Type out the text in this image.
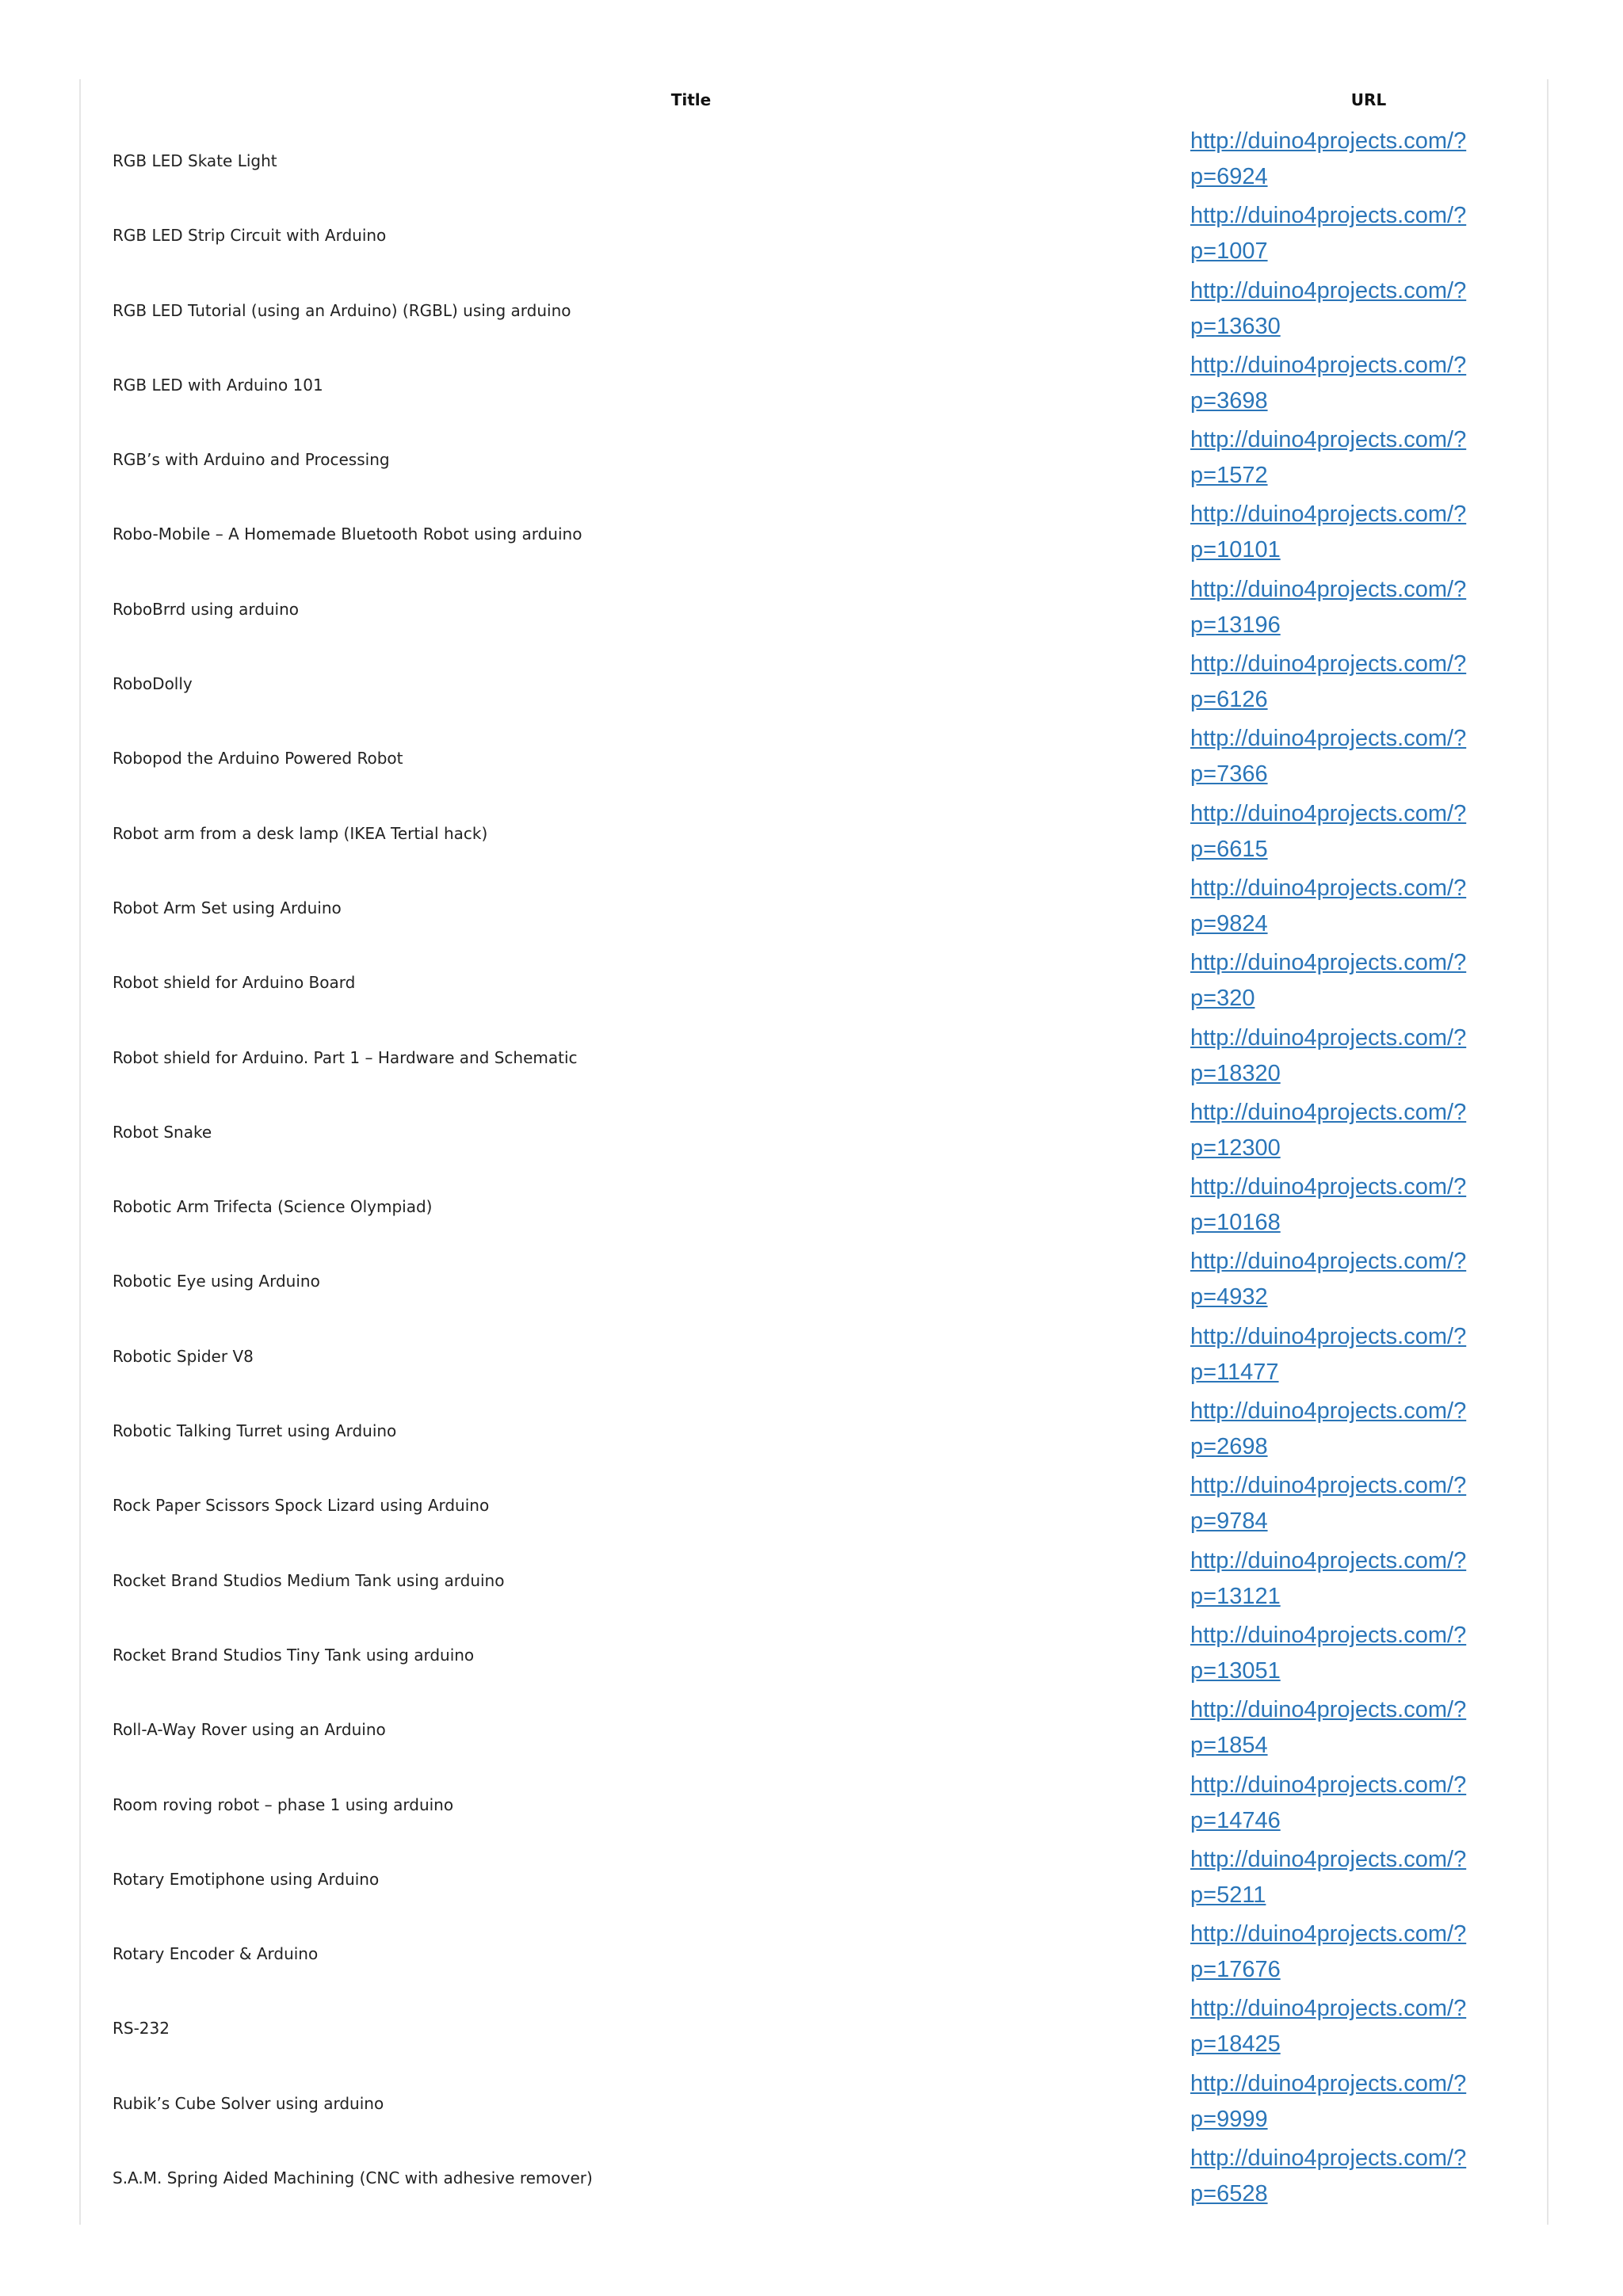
Title	URL
RGB LED Skate Light
http://duino4projects.com/?
p=6924
RGB LED Strip Circuit with Arduino
http://duino4projects.com/?
p=1007
RGB LED Tutorial (using an Arduino) (RGBL) using arduino
http://duino4projects.com/?
p=13630
RGB LED with Arduino 101
http://duino4projects.com/?
p=3698
RGB’s with Arduino and Processing
http://duino4projects.com/?
p=1572
Robo-Mobile – A Homemade Bluetooth Robot using arduino
http://duino4projects.com/?
p=10101
RoboBrrd using arduino
http://duino4projects.com/?
p=13196
RoboDolly
http://duino4projects.com/?
p=6126
Robopod the Arduino Powered Robot
http://duino4projects.com/?
p=7366
Robot arm from a desk lamp (IKEA Tertial hack)
http://duino4projects.com/?
p=6615
Robot Arm Set using Arduino
http://duino4projects.com/?
p=9824
Robot shield for Arduino Board
http://duino4projects.com/?
p=320
Robot shield for Arduino. Part 1 – Hardware and Schematic
http://duino4projects.com/?
p=18320
Robot Snake
http://duino4projects.com/?
p=12300
Robotic Arm Trifecta (Science Olympiad)
http://duino4projects.com/?
p=10168
Robotic Eye using Arduino
http://duino4projects.com/?
p=4932
Robotic Spider V8
http://duino4projects.com/?
p=11477
Robotic Talking Turret using Arduino
http://duino4projects.com/?
p=2698
Rock Paper Scissors Spock Lizard using Arduino
http://duino4projects.com/?
p=9784
Rocket Brand Studios Medium Tank using arduino
http://duino4projects.com/?
p=13121
Rocket Brand Studios Tiny Tank using arduino
http://duino4projects.com/?
p=13051
Roll-A-Way Rover using an Arduino
http://duino4projects.com/?
p=1854
Room roving robot – phase 1 using arduino
http://duino4projects.com/?
p=14746
Rotary Emotiphone using Arduino
http://duino4projects.com/?
p=5211
Rotary Encoder & Arduino
http://duino4projects.com/?
p=17676
RS-232
http://duino4projects.com/?
p=18425
Rubik’s Cube Solver using arduino
http://duino4projects.com/?
p=9999
S.A.M. Spring Aided Machining (CNC with adhesive remover)
http://duino4projects.com/?
p=6528
